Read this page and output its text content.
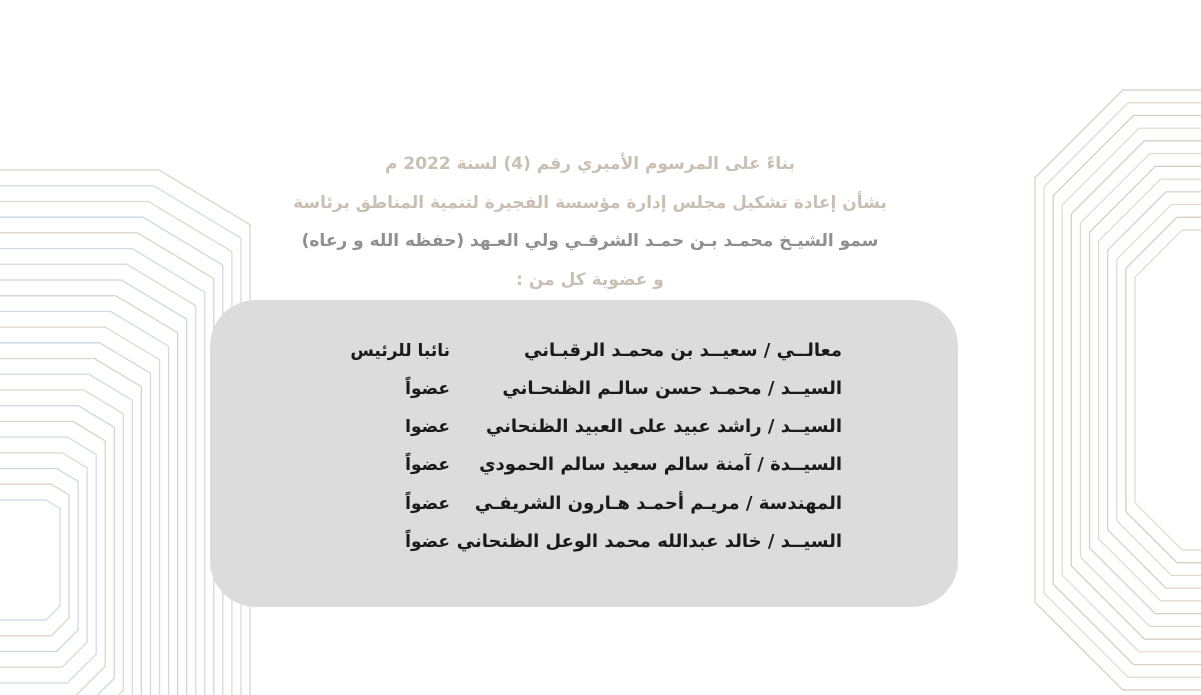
بناءً على المرسوم الأميري رقم (4) لسنة 2022 م
بشأن إعادة تشكيل مجلس إدارة مؤسسة الفجيرة لتنمية المناطق برئاسة
سمو الشيـخ محمـد بـن حمـد الشرقـي ولي العـهد (حفظه الله و رعاه)
و عضوية كل من :
معالــي / سعيــد بن محمـد الرقبـاني
نائبا للرئيس
السيــد / محمـد حسن سالـم الظنحـاني
عضواً
السيــد / راشد عبيد على العبيد الظنحاني
عضوا
السيــدة / آمنة سالم سعيد سالم الحمودي
عضواً
المهندسة / مريـم أحمـد هـارون الشريفـي
عضواً
السيــد / خالد عبدالله محمد الوعل الظنحاني
عضواً
